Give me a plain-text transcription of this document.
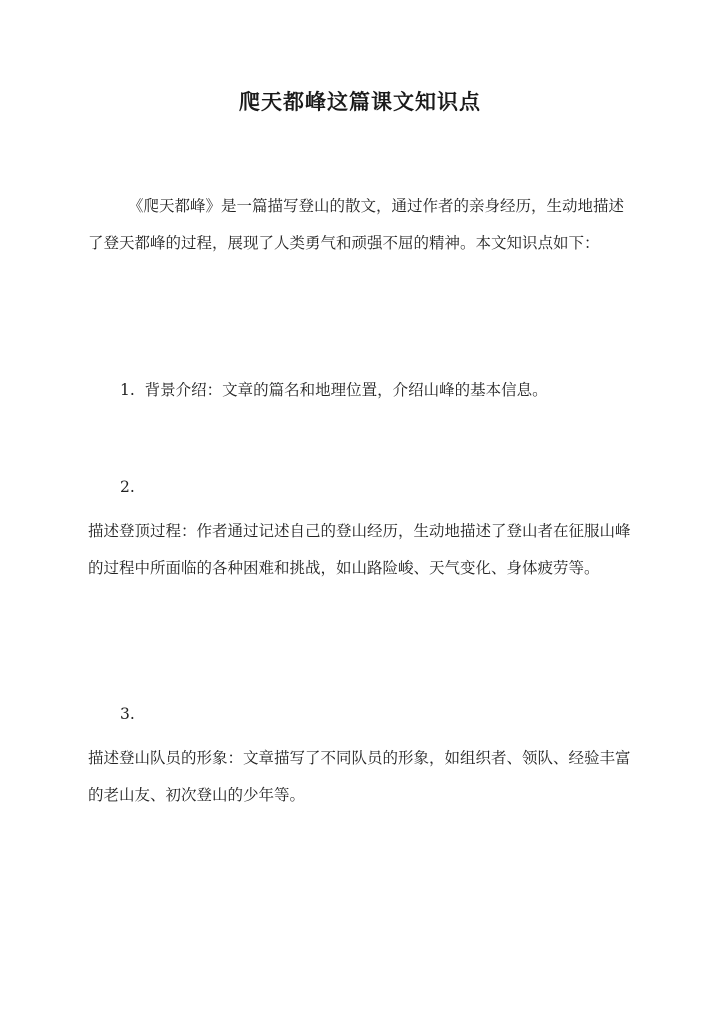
爬天都峰这篇课文知识点
《爬天都峰》是一篇描写登山的散文，通过作者的亲身经历，生动地描述了登天都峰的过程，展现了人类勇气和顽强不屈的精神。本文知识点如下：
1. 背景介绍：文章的篇名和地理位置，介绍山峰的基本信息。
2.
描述登顶过程：作者通过记述自己的登山经历，生动地描述了登山者在征服山峰的过程中所面临的各种困难和挑战，如山路险峻、天气变化、身体疲劳等。
3.
描述登山队员的形象：文章描写了不同队员的形象，如组织者、领队、经验丰富的老山友、初次登山的少年等。
